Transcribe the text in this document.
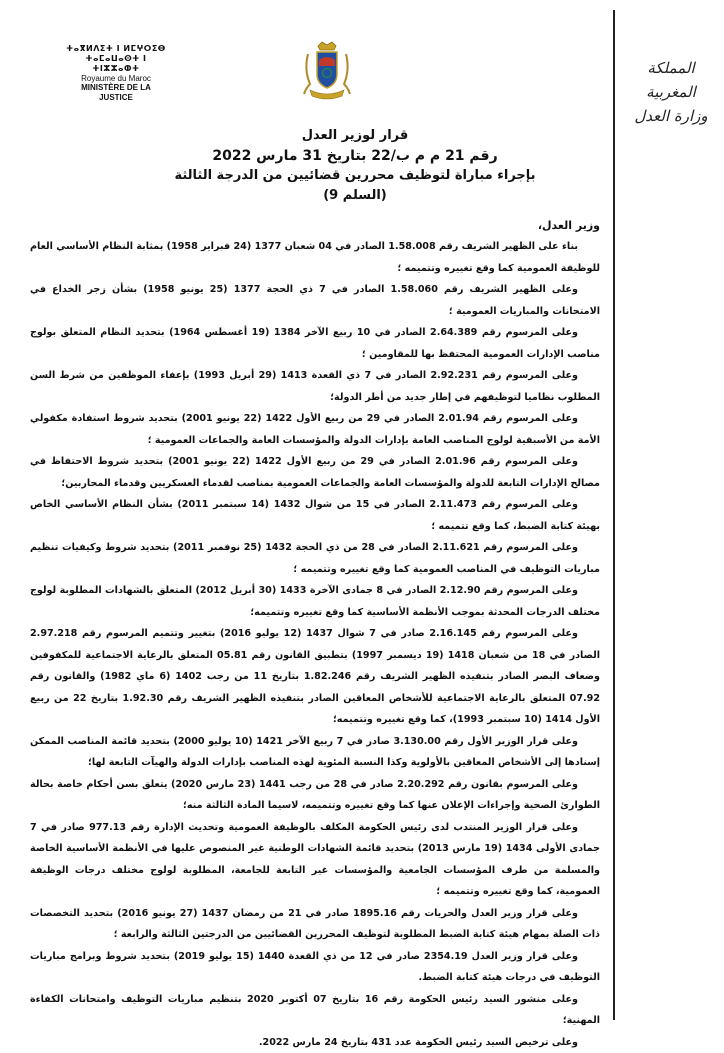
المملكة المغربية
وزارة العدل
ⵜⴰⴳⵍⴷⵉⵜ ⵏ ⵍⵎⵖⵔⵉⴱ
ⵜⴰⵎⴰⵡⴰⵙⵜ ⵏ ⵜⵏⵣⵣⴰⵀⵜ
Royaume du Maroc
MINISTÈRE DE LA JUSTICE
قرار لوزير العدل
رقم 21 م م ب/22 بتاريخ 31 مارس 2022
بإجراء مباراة لتوظيف محررين قضائيين من الدرجة الثالثة (السلم 9)
وزير العدل،

بناء على الظهير الشريف رقم 1.58.008 الصادر في 04 شعبان 1377 (24 فبراير 1958) بمثابة النظام الأساسي العام للوظيفة العمومية كما وقع تغييره وتتميمه ؛

وعلى الظهير الشريف رقم 1.58.060 الصادر في 7 ذي الحجة 1377 (25 يونيو 1958) بشأن زجر الخداع في الامتحانات والمباريات العمومية ؛

وعلى المرسوم رقم 2.64.389 الصادر في 10 ربيع الآخر 1384 (19 أغسطس 1964) بتحديد النظام المتعلق بولوج مناصب الإدارات العمومية المحتفظ بها للمقاومين ؛

وعلى المرسوم رقم 2.92.231 الصادر في 7 ذي القعدة 1413 (29 أبريل 1993) بإعفاء الموظفين من شرط السن المطلوب نظاميا لتوظيفهم في إطار جديد من أطر الدولة؛

وعلى المرسوم رقم 2.01.94 الصادر في 29 من ربيع الأول 1422 (22 يونيو 2001) بتحديد شروط استفادة مكفولي الأمة من الأسبقية لولوج المناصب العامة بإدارات الدولة والمؤسسات العامة والجماعات العمومية ؛

وعلى المرسوم رقم 2.01.96 الصادر في 29 من ربيع الأول 1422 (22 يونيو 2001) بتحديد شروط الاحتفاظ في مصالح الإدارات التابعة للدولة والمؤسسات العامة والجماعات العمومية بمناصب لقدماء العسكريين وقدماء المحاربين؛

وعلى المرسوم رقم 2.11.473 الصادر في 15 من شوال 1432 (14 سبتمبر 2011) بشأن النظام الأساسي الخاص بهيئة كتابة الضبط، كما وقع تتميمه ؛

وعلى المرسوم رقم 2.11.621 الصادر في 28 من ذي الحجة 1432 (25 نوفمبر 2011) بتحديد شروط وكيفيات تنظيم مباريات التوظيف في المناصب العمومية كما وقع تغييره وتتميمه ؛

وعلى المرسوم رقم 2.12.90 الصادر في 8 جمادى الآخرة 1433 (30 أبريل 2012) المتعلق بالشهادات المطلوبة لولوج مختلف الدرجات المحدثة بموجب الأنظمة الأساسية كما وقع تغييره وتتميمه؛

وعلى المرسوم رقم 2.16.145 صادر في 7 شوال 1437 (12 يوليو 2016) بتغيير وتتميم المرسوم رقم 2.97.218 الصادر في 18 من شعبان 1418 (19 ديسمبر 1997) بتطبيق القانون رقم 05.81 المتعلق بالرعاية الاجتماعية للمكفوفين وضعاف البصر الصادر بتنفيذه الظهير الشريف رقم 1.82.246 بتاريخ 11 من رجب 1402 (6 ماي 1982) والقانون رقم 07.92 المتعلق بالرعاية الاجتماعية للأشخاص المعاقين الصادر بتنفيذه الظهير الشريف رقم 1.92.30 بتاريخ 22 من ربيع الأول 1414 (10 سبتمبر 1993)، كما وقع تغييره وتتميمه؛

وعلى قرار الوزير الأول رقم 3.130.00 صادر في 7 ربيع الآخر 1421 (10 يوليو 2000) بتحديد قائمة المناصب الممكن إسنادها إلى الأشخاص المعاقين بالأولوية وكذا النسبة المئوية لهذه المناصب بإدارات الدولة والهيآت التابعة لها؛

وعلى المرسوم بقانون رقم 2.20.292 صادر في 28 من رجب 1441 (23 مارس 2020) يتعلق بسن أحكام خاصة بحالة الطوارئ الصحية وإجراءات الإعلان عنها كما وقع تغييره وتتميمه، لاسيما المادة الثالثة منه؛

وعلى قرار الوزير المنتدب لدى رئيس الحكومة المكلف بالوظيفة العمومية وتحديث الإدارة رقم 977.13 صادر في 7 جمادى الأولى 1434 (19 مارس 2013) بتحديد قائمة الشهادات الوطنية غير المنصوص عليها في الأنظمة الأساسية الخاصة والمسلمة من طرف المؤسسات الجامعية والمؤسسات غير التابعة للجامعة، المطلوبة لولوج مختلف درجات الوظيفة العمومية، كما وقع تغييره وتتميمه ؛

وعلى قرار وزير العدل والحريات رقم 1895.16 صادر في 21 من رمضان 1437 (27 يونيو 2016) بتحديد التخصصات ذات الصلة بمهام هيئة كتابة الضبط المطلوبة لتوظيف المحررين القضائيين من الدرجتين الثالثة والرابعة ؛

وعلى قرار وزير العدل 2354.19 صادر في 12 من ذي القعدة 1440 (15 يوليو 2019) بتحديد شروط وبرامج مباريات التوظيف في درجات هيئة كتابة الضبط.

وعلى منشور السيد رئيس الحكومة رقم 16 بتاريخ 07 أكتوبر 2020 بتنظيم مباريات التوظيف وامتحانات الكفاءة المهنية؛

وعلى ترخيص السيد رئيس الحكومة عدد 431 بتاريخ 24 مارس 2022.
